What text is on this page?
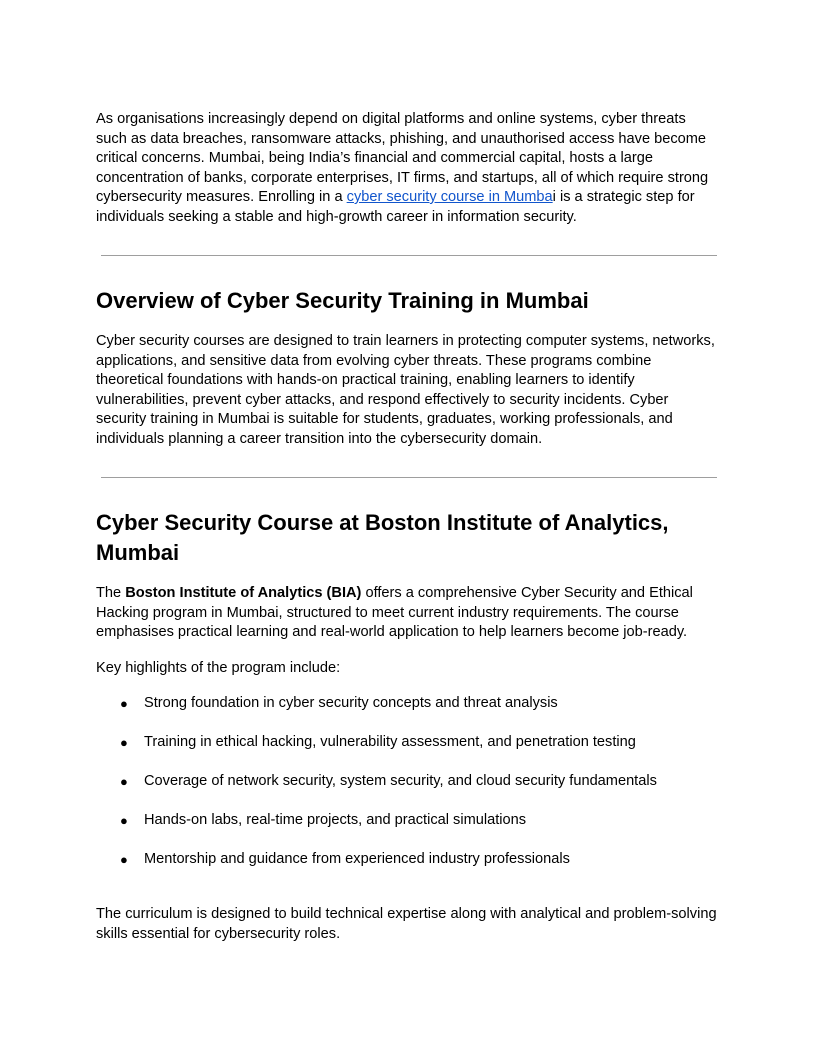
As organisations increasingly depend on digital platforms and online systems, cyber threats such as data breaches, ransomware attacks, phishing, and unauthorised access have become critical concerns. Mumbai, being India’s financial and commercial capital, hosts a large concentration of banks, corporate enterprises, IT firms, and startups, all of which require strong cybersecurity measures. Enrolling in a cyber security course in Mumbai is a strategic step for individuals seeking a stable and high-growth career in information security.

Overview of Cyber Security Training in Mumbai

Cyber security courses are designed to train learners in protecting computer systems, networks, applications, and sensitive data from evolving cyber threats. These programs combine theoretical foundations with hands-on practical training, enabling learners to identify vulnerabilities, prevent cyber attacks, and respond effectively to security incidents. Cyber security training in Mumbai is suitable for students, graduates, working professionals, and individuals planning a career transition into the cybersecurity domain.

Cyber Security Course at Boston Institute of Analytics, Mumbai

The Boston Institute of Analytics (BIA) offers a comprehensive Cyber Security and Ethical Hacking program in Mumbai, structured to meet current industry requirements. The course emphasises practical learning and real-world application to help learners become job-ready.

Key highlights of the program include:

● Strong foundation in cyber security concepts and threat analysis
● Training in ethical hacking, vulnerability assessment, and penetration testing
● Coverage of network security, system security, and cloud security fundamentals
● Hands-on labs, real-time projects, and practical simulations
● Mentorship and guidance from experienced industry professionals

The curriculum is designed to build technical expertise along with analytical and problem-solving skills essential for cybersecurity roles.
